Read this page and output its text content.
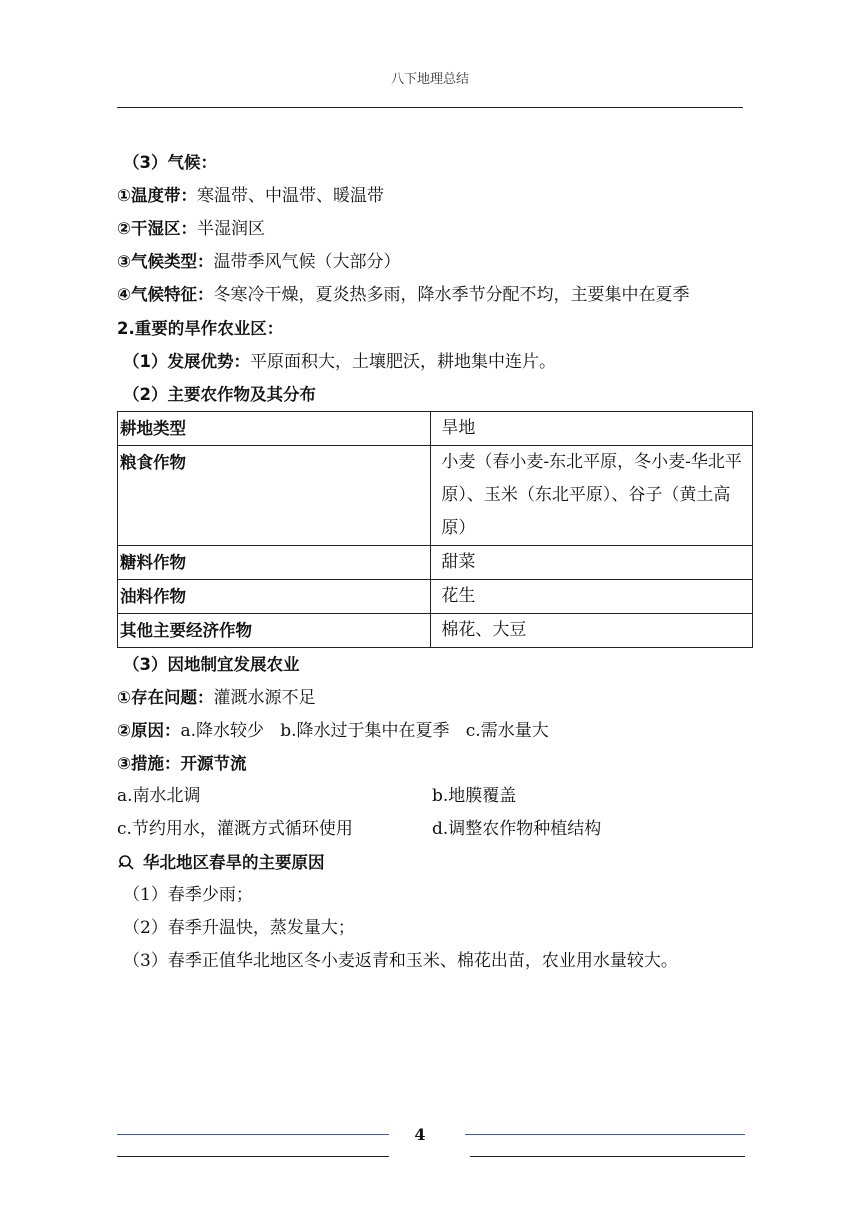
八下地理总结
（3）气候：
①温度带：寒温带、中温带、暖温带
②干湿区：半湿润区
③气候类型：温带季风气候（大部分）
④气候特征：冬寒冷干燥，夏炎热多雨，降水季节分配不均，主要集中在夏季
2.重要的旱作农业区：
（1）发展优势：平原面积大，土壤肥沃，耕地集中连片。
（2）主要农作物及其分布
耕地类型	旱地
粮食作物	小麦（春小麦-东北平原，冬小麦-华北平原）、玉米（东北平原）、谷子（黄土高原）
糖料作物	甜菜
油料作物	花生
其他主要经济作物	棉花、大豆
（3）因地制宜发展农业
①存在问题：灌溉水源不足
②原因：a.降水较少 b.降水过于集中在夏季 c.需水量大
③措施：开源节流
a.南水北调	b.地膜覆盖
c.节约用水，灌溉方式循环使用	d.调整农作物种植结构
华北地区春旱的主要原因
（1）春季少雨；
（2）春季升温快，蒸发量大；
（3）春季正值华北地区冬小麦返青和玉米、棉花出苗，农业用水量较大。
4
